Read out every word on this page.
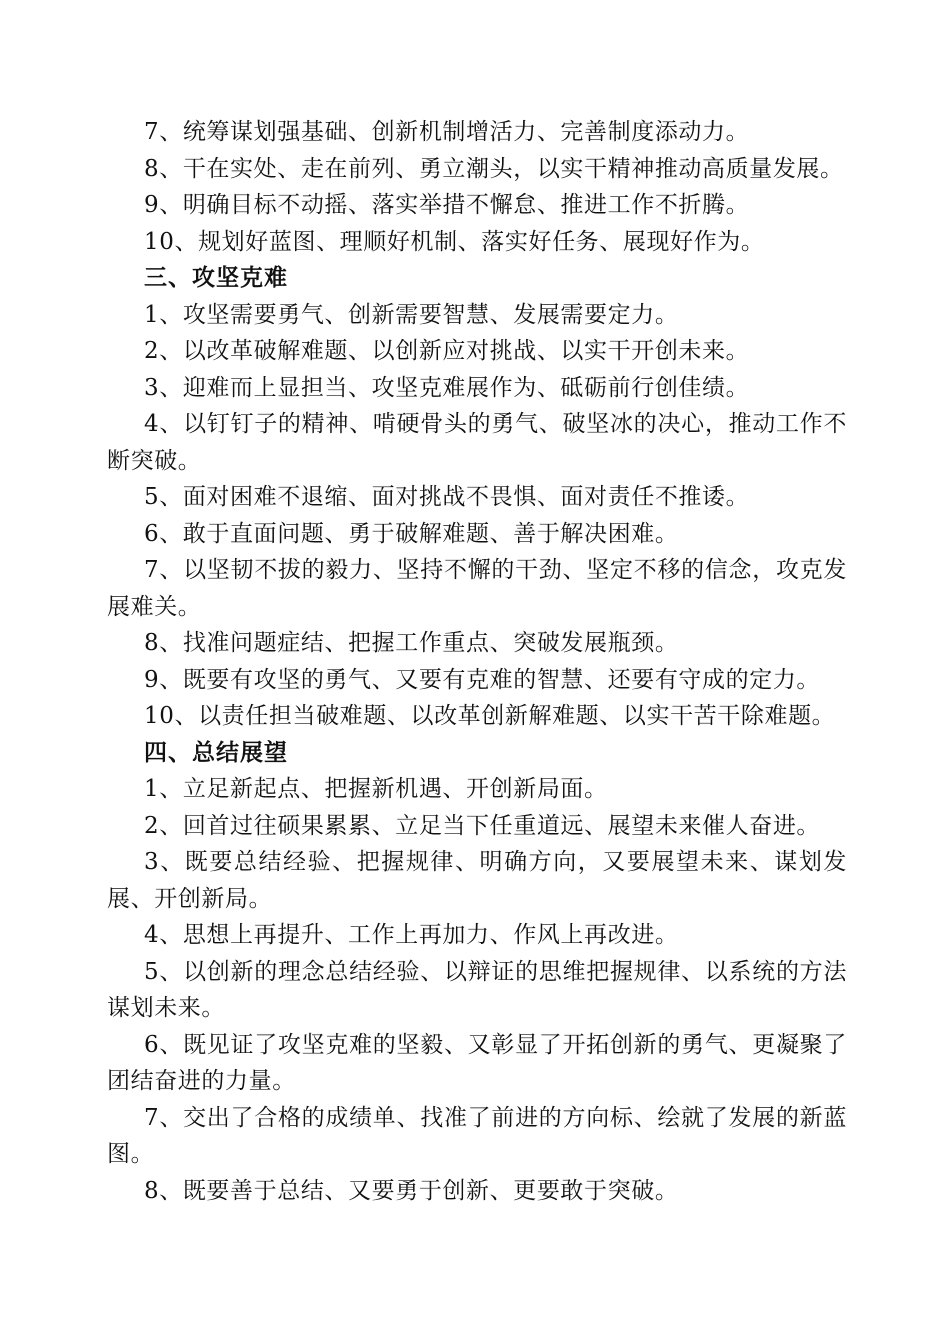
7、统筹谋划强基础、创新机制增活力、完善制度添动力。

8、干在实处、走在前列、勇立潮头，以实干精神推动高质量发展。

9、明确目标不动摇、落实举措不懈怠、推进工作不折腾。

10、规划好蓝图、理顺好机制、落实好任务、展现好作为。

三、攻坚克难

1、攻坚需要勇气、创新需要智慧、发展需要定力。

2、以改革破解难题、以创新应对挑战、以实干开创未来。

3、迎难而上显担当、攻坚克难展作为、砥砺前行创佳绩。

4、以钉钉子的精神、啃硬骨头的勇气、破坚冰的决心，推动工作不断突破。

5、面对困难不退缩、面对挑战不畏惧、面对责任不推诿。

6、敢于直面问题、勇于破解难题、善于解决困难。

7、以坚韧不拔的毅力、坚持不懈的干劲、坚定不移的信念，攻克发展难关。

8、找准问题症结、把握工作重点、突破发展瓶颈。

9、既要有攻坚的勇气、又要有克难的智慧、还要有守成的定力。

10、以责任担当破难题、以改革创新解难题、以实干苦干除难题。

四、总结展望

1、立足新起点、把握新机遇、开创新局面。

2、回首过往硕果累累、立足当下任重道远、展望未来催人奋进。

3、既要总结经验、把握规律、明确方向，又要展望未来、谋划发展、开创新局。

4、思想上再提升、工作上再加力、作风上再改进。

5、以创新的理念总结经验、以辩证的思维把握规律、以系统的方法谋划未来。

6、既见证了攻坚克难的坚毅、又彰显了开拓创新的勇气、更凝聚了团结奋进的力量。

7、交出了合格的成绩单、找准了前进的方向标、绘就了发展的新蓝图。

8、既要善于总结、又要勇于创新、更要敢于突破。
